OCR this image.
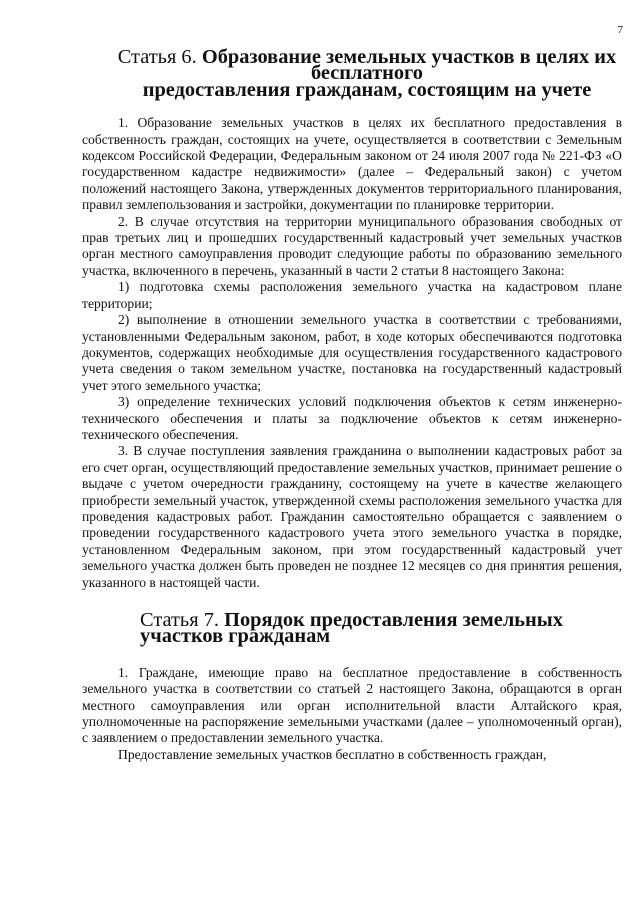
7
Статья 6. Образование земельных участков в целях их бесплатного
предоставления гражданам, состоящим на учете

1. Образование земельных участков в целях их бесплатного предоставления в собственность граждан, состоящих на учете, осуществляется в соответствии с Земельным кодексом Российской Федерации, Федеральным законом от 24 июля 2007 года № 221-ФЗ «О государственном кадастре недвижимости» (далее – Федеральный закон) с учетом положений настоящего Закона, утвержденных документов территориального планирования, правил землепользования и застройки, документации по планировке территории.

2. В случае отсутствия на территории муниципального образования свободных от прав третьих лиц и прошедших государственный кадастровый учет земельных участков орган местного самоуправления проводит следующие работы по образованию земельного участка, включенного в перечень, указанный в части 2 статьи 8 настоящего Закона:

1) подготовка схемы расположения земельного участка на кадастровом плане территории;

2) выполнение в отношении земельного участка в соответствии с требованиями, установленными Федеральным законом, работ, в ходе которых обеспечиваются подготовка документов, содержащих необходимые для осуществления государственного кадастрового учета сведения о таком земельном участке, постановка на государственный кадастровый учет этого земельного участка;

3) определение технических условий подключения объектов к сетям инженерно-технического обеспечения и платы за подключение объектов к сетям инженерно-технического обеспечения.

3. В случае поступления заявления гражданина о выполнении кадастровых работ за его счет орган, осуществляющий предоставление земельных участков, принимает решение о выдаче с учетом очередности гражданину, состоящему на учете в качестве желающего приобрести земельный участок, утвержденной схемы расположения земельного участка для проведения кадастровых работ. Гражданин самостоятельно обращается с заявлением о проведении государственного кадастрового учета этого земельного участка в порядке, установленном Федеральным законом, при этом государственный кадастровый учет земельного участка должен быть проведен не позднее 12 месяцев со дня принятия решения, указанного в настоящей части.

Статья 7. Порядок предоставления земельных участков гражданам

1. Граждане, имеющие право на бесплатное предоставление в собственность земельного участка в соответствии со статьей 2 настоящего Закона, обращаются в орган местного самоуправления или орган исполнительной власти Алтайского края, уполномоченные на распоряжение земельными участками (далее – уполномоченный орган), с заявлением о предоставлении земельного участка.

Предоставление земельных участков бесплатно в собственность граждан,
